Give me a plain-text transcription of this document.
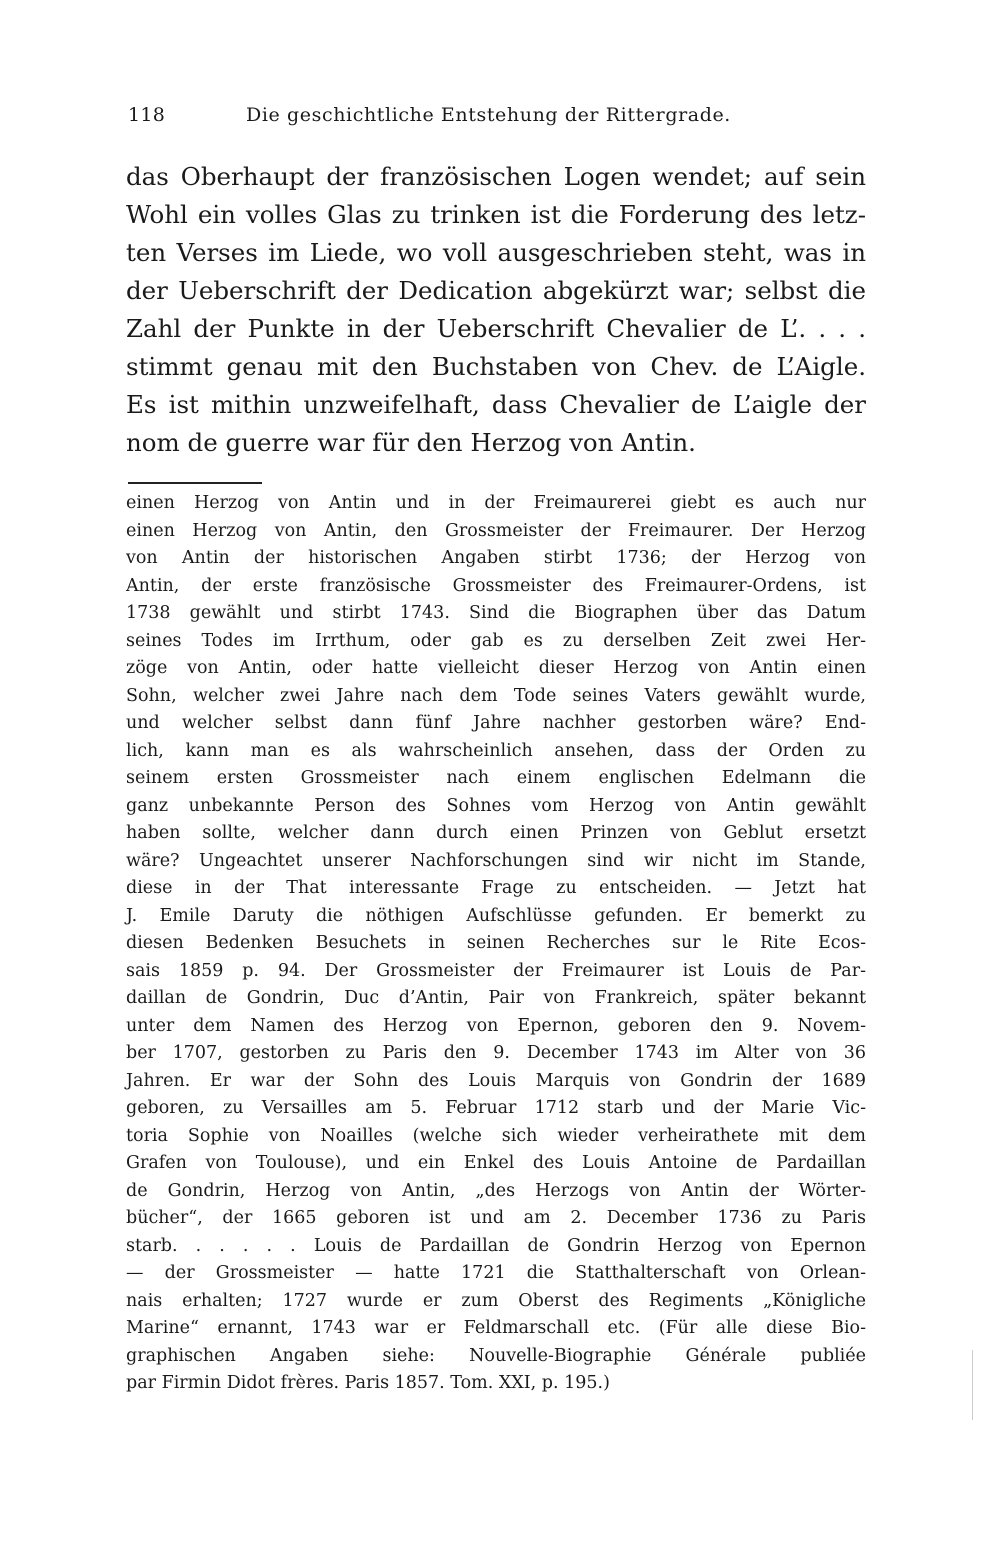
118	Die geschichtliche Entstehung der Rittergrade.
das Oberhaupt der französischen Logen wendet; auf sein
Wohl ein volles Glas zu trinken ist die Forderung des letz-
ten Verses im Liede, wo voll ausgeschrieben steht, was in
der Ueberschrift der Dedication abgekürzt war; selbst die
Zahl der Punkte in der Ueberschrift Chevalier de L’. . . .
stimmt genau mit den Buchstaben von Chev. de L’Aigle.
Es ist mithin unzweifelhaft, dass Chevalier de L’aigle der
nom de guerre war für den Herzog von Antin.
einen Herzog von Antin und in der Freimaurerei giebt es auch nur
einen Herzog von Antin, den Grossmeister der Freimaurer. Der Herzog
von Antin der historischen Angaben stirbt 1736; der Herzog von
Antin, der erste französische Grossmeister des Freimaurer-Ordens, ist
1738 gewählt und stirbt 1743. Sind die Biographen über das Datum
seines Todes im Irrthum, oder gab es zu derselben Zeit zwei Her-
zöge von Antin, oder hatte vielleicht dieser Herzog von Antin einen
Sohn, welcher zwei Jahre nach dem Tode seines Vaters gewählt wurde,
und welcher selbst dann fünf Jahre nachher gestorben wäre? End-
lich, kann man es als wahrscheinlich ansehen, dass der Orden zu
seinem ersten Grossmeister nach einem englischen Edelmann die
ganz unbekannte Person des Sohnes vom Herzog von Antin gewählt
haben sollte, welcher dann durch einen Prinzen von Geblut ersetzt
wäre? Ungeachtet unserer Nachforschungen sind wir nicht im Stande,
diese in der That interessante Frage zu entscheiden. — Jetzt hat
J. Emile Daruty die nöthigen Aufschlüsse gefunden. Er bemerkt zu
diesen Bedenken Besuchets in seinen Recherches sur le Rite Ecos-
sais 1859 p. 94. Der Grossmeister der Freimaurer ist Louis de Par-
daillan de Gondrin, Duc d’Antin, Pair von Frankreich, später bekannt
unter dem Namen des Herzog von Epernon, geboren den 9. Novem-
ber 1707, gestorben zu Paris den 9. December 1743 im Alter von 36
Jahren. Er war der Sohn des Louis Marquis von Gondrin der 1689
geboren, zu Versailles am 5. Februar 1712 starb und der Marie Vic-
toria Sophie von Noailles (welche sich wieder verheirathete mit dem
Grafen von Toulouse), und ein Enkel des Louis Antoine de Pardaillan
de Gondrin, Herzog von Antin, „des Herzogs von Antin der Wörter-
bücher“, der 1665 geboren ist und am 2. December 1736 zu Paris
starb. . . . . . Louis de Pardaillan de Gondrin Herzog von Epernon
— der Grossmeister — hatte 1721 die Statthalterschaft von Orlean-
nais erhalten; 1727 wurde er zum Oberst des Regiments „Königliche
Marine“ ernannt, 1743 war er Feldmarschall etc. (Für alle diese Bio-
graphischen Angaben siehe: Nouvelle-Biographie Générale publiée
par Firmin Didot frères. Paris 1857. Tom. XXI, p. 195.)
